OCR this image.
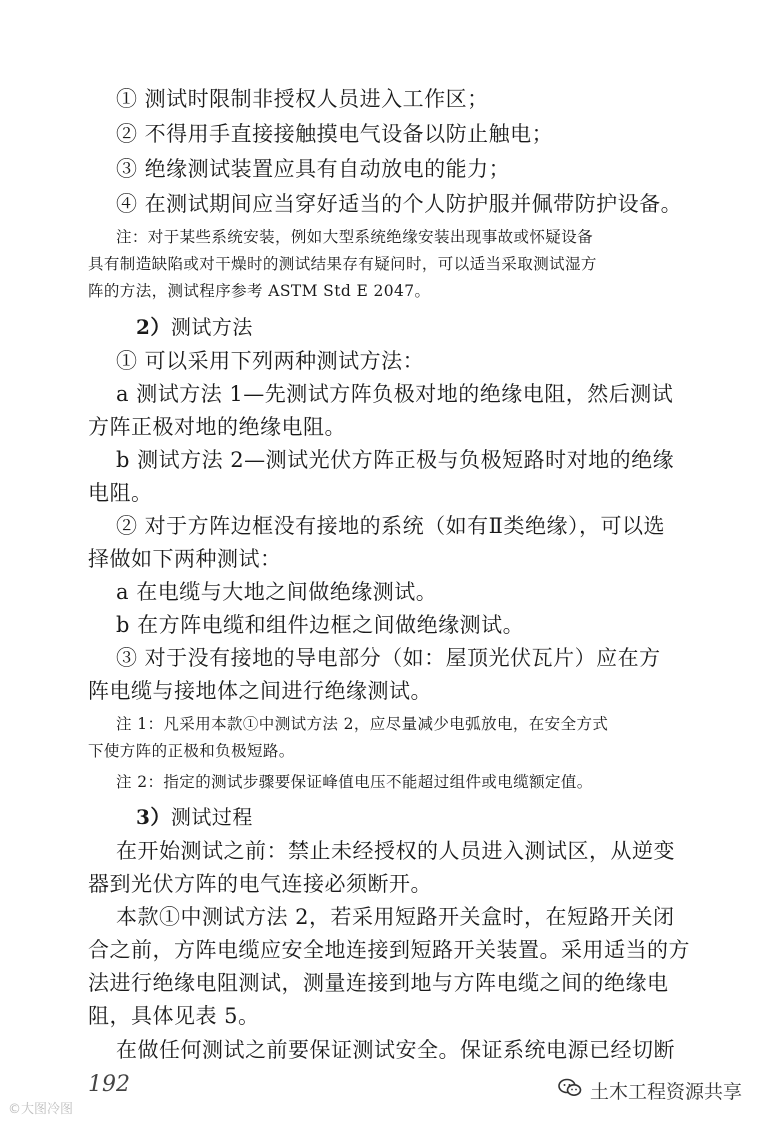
① 测试时限制非授权人员进入工作区；
② 不得用手直接接触摸电气设备以防止触电；
③ 绝缘测试装置应具有自动放电的能力；
④ 在测试期间应当穿好适当的个人防护服并佩带防护设备。
注：对于某些系统安装，例如大型系统绝缘安装出现事故或怀疑设备
具有制造缺陷或对干燥时的测试结果存有疑问时，可以适当采取测试湿方
阵的方法，测试程序参考 ASTM Std E 2047。
2）测试方法
① 可以采用下列两种测试方法：
a 测试方法 1—先测试方阵负极对地的绝缘电阻，然后测试
方阵正极对地的绝缘电阻。
b 测试方法 2—测试光伏方阵正极与负极短路时对地的绝缘
电阻。
② 对于方阵边框没有接地的系统（如有Ⅱ类绝缘），可以选
择做如下两种测试：
a 在电缆与大地之间做绝缘测试。
b 在方阵电缆和组件边框之间做绝缘测试。
③ 对于没有接地的导电部分（如：屋顶光伏瓦片）应在方
阵电缆与接地体之间进行绝缘测试。
注 1：凡采用本款①中测试方法 2，应尽量减少电弧放电，在安全方式
下使方阵的正极和负极短路。
注 2：指定的测试步骤要保证峰值电压不能超过组件或电缆额定值。
3）测试过程
在开始测试之前：禁止未经授权的人员进入测试区，从逆变
器到光伏方阵的电气连接必须断开。
本款①中测试方法 2，若采用短路开关盒时，在短路开关闭
合之前，方阵电缆应安全地连接到短路开关装置。采用适当的方
法进行绝缘电阻测试，测量连接到地与方阵电缆之间的绝缘电
阻，具体见表 5。
在做任何测试之前要保证测试安全。保证系统电源已经切断
192	土木工程资源共享
©大图冷图
